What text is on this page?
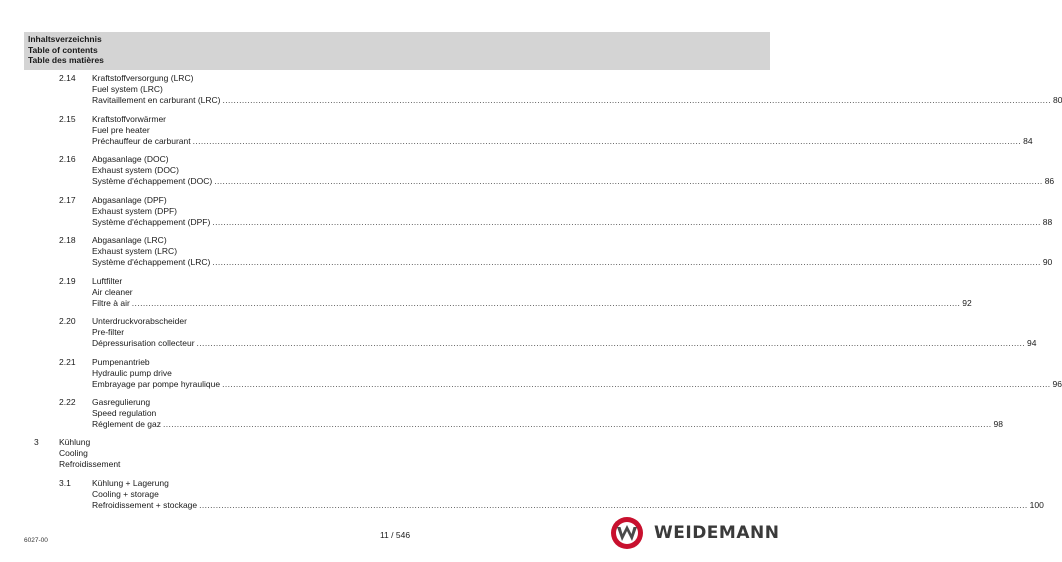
Inhaltsverzeichnis
Table of contents
Table des matières
2.14 Kraftstoffversorgung (LRC)
Fuel system (LRC)
Ravitaillement en carburant (LRC) ............................................................................................................................................................................................................................................................................................................ 80
2.15 Kraftstoffvorwärmer
Fuel pre heater
Préchauffeur de carburant ............................................................................................................................................................................................................................................................................................................ 84
2.16 Abgasanlage (DOC)
Exhaust system (DOC)
Système d'échappement (DOC) ............................................................................................................................................................................................................................................................................................................ 86
2.17 Abgasanlage (DPF)
Exhaust system (DPF)
Système d'échappement (DPF) ............................................................................................................................................................................................................................................................................................................ 88
2.18 Abgasanlage (LRC)
Exhaust system (LRC)
Système d'échappement (LRC) ............................................................................................................................................................................................................................................................................................................ 90
2.19 Luftfilter
Air cleaner
Filtre à air ............................................................................................................................................................................................................................................................................................................ 92
2.20 Unterdruckvorabscheider
Pre-filter
Dépressurisation collecteur ............................................................................................................................................................................................................................................................................................................ 94
2.21 Pumpenantrieb
Hydraulic pump drive
Embrayage par pompe hyraulique ............................................................................................................................................................................................................................................................................................................ 96
2.22 Gasregulierung
Speed regulation
Réglement de gaz ............................................................................................................................................................................................................................................................................................................ 98
3 Kühlung
Cooling
Refroidissement
3.1 Kühlung + Lagerung
Cooling + storage
Refroidissement + stockage ............................................................................................................................................................................................................................................................................................................ 100
6027-00
11 / 546	WEIDEMANN
